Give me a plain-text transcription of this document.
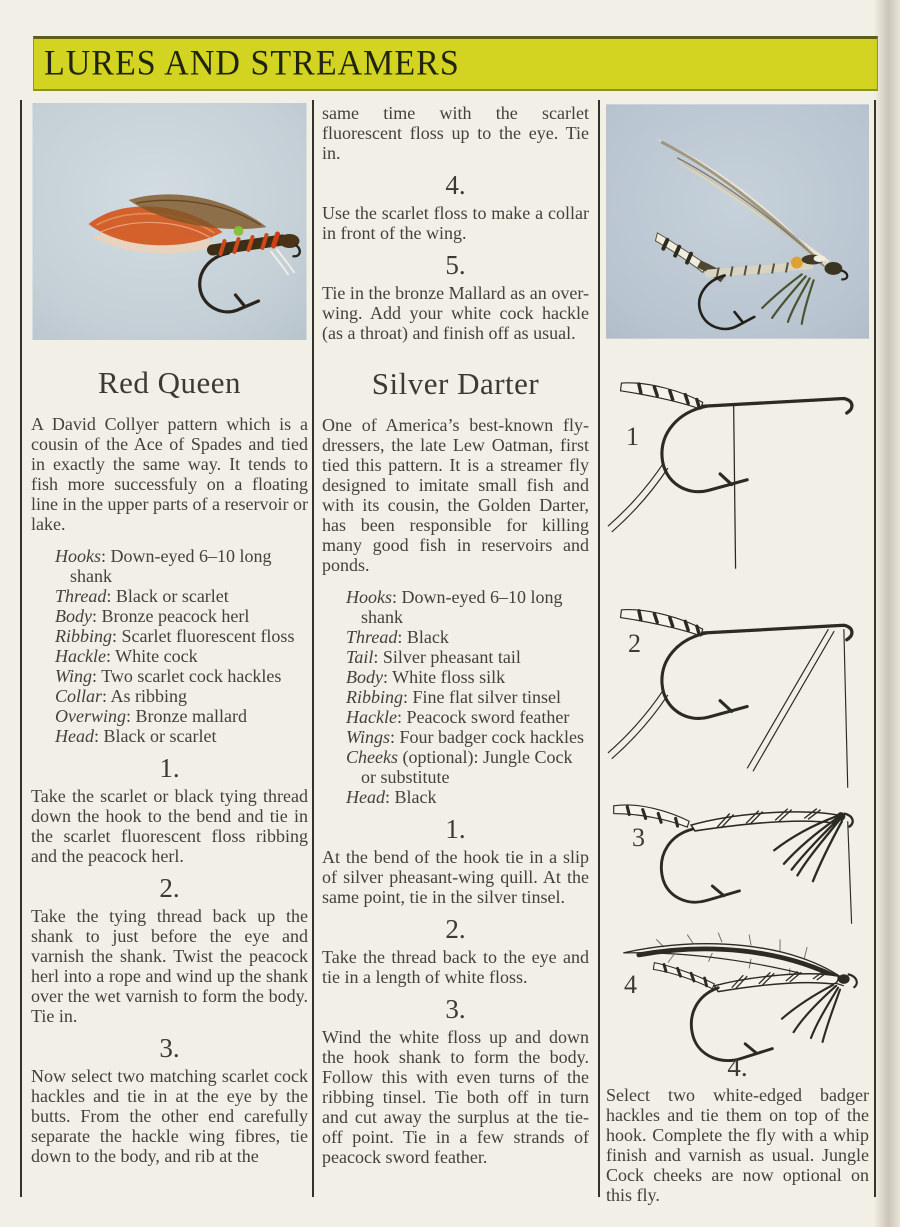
LURES AND STREAMERS
Red Queen

A David Collyer pattern which is a cousin of the Ace of Spades and tied in exactly the same way. It tends to fish more successfuly on a floating line in the upper parts of a reservoir or lake.

Hooks: Down-eyed 6–10 long shank
Thread: Black or scarlet
Body: Bronze peacock herl
Ribbing: Scarlet fluorescent floss
Hackle: White cock
Wing: Two scarlet cock hackles
Collar: As ribbing
Overwing: Bronze mallard
Head: Black or scarlet
1.

Take the scarlet or black tying thread down the hook to the bend and tie in the scarlet fluorescent floss ribbing and the peacock herl.

2.

Take the tying thread back up the shank to just before the eye and varnish the shank. Twist the peacock herl into a rope and wind up the shank over the wet varnish to form the body. Tie in.

3.

Now select two matching scarlet cock hackles and tie in at the eye by the butts. From the other end carefully separate the hackle wing fibres, tie down to the body, and rib at the

same time with the scarlet fluorescent floss up to the eye. Tie in.

4.

Use the scarlet floss to make a collar in front of the wing.

5.

Tie in the bronze Mallard as an over-wing. Add your white cock hackle (as a throat) and finish off as usual.

Silver Darter

One of America’s best-known fly-dressers, the late Lew Oatman, first tied this pattern. It is a streamer fly designed to imitate small fish and with its cousin, the Golden Darter, has been responsible for killing many good fish in reservoirs and ponds.

Hooks: Down-eyed 6–10 long shank
Thread: Black
Tail: Silver pheasant tail
Body: White floss silk
Ribbing: Fine flat silver tinsel
Hackle: Peacock sword feather
Wings: Four badger cock hackles
Cheeks (optional): Jungle Cock or substitute
Head: Black
1.

At the bend of the hook tie in a slip of silver pheasant-wing quill. At the same point, tie in the silver tinsel.

2.

Take the thread back to the eye and tie in a length of white floss.

3.

Wind the white floss up and down the hook shank to form the body. Follow this with even turns of the ribbing tinsel. Tie both off in turn and cut away the surplus at the tie-off point. Tie in a few strands of peacock sword feather.

1
2
3
4
4.

Select two white-edged badger hackles and tie them on top of the hook. Complete the fly with a whip finish and varnish as usual. Jungle Cock cheeks are now optional on this fly.
